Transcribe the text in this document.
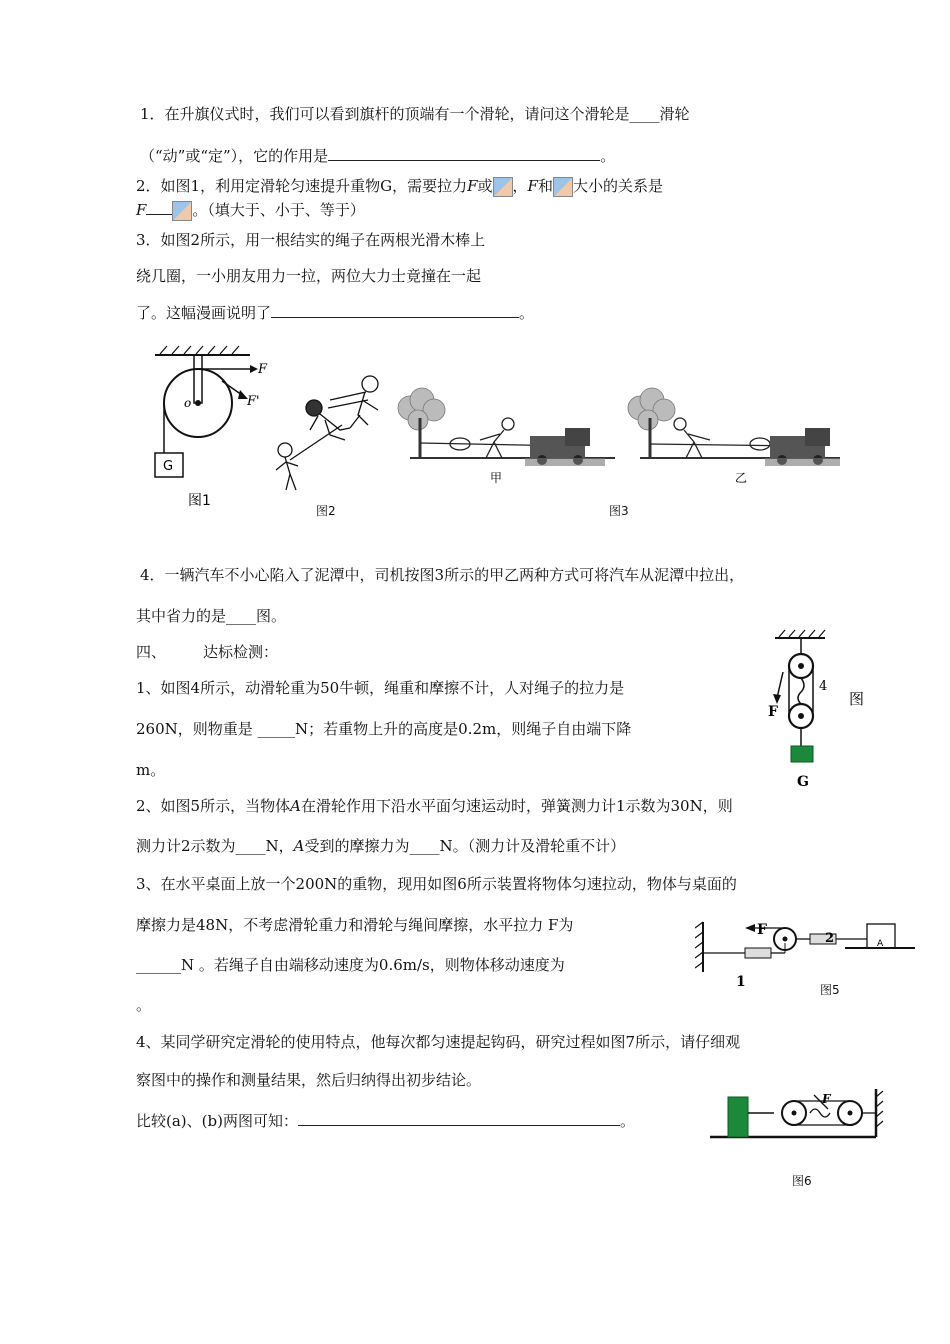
1．在升旗仪式时，我们可以看到旗杆的顶端有一个滑轮，请问这个滑轮是____滑轮
（“动”或“定”），它的作用是	。
2．如图1，利用定滑轮匀速提升重物G，需要拉力F或 ，F和 大小的关系是
F	。（填大于、小于、等于）
3．如图2所示，用一根结实的绳子在两根光滑木棒上
绕几圈，一小朋友用力一拉，两位大力士竟撞在一起
了。这幅漫画说明了	。
F
F'
o
G
图1
图2
甲	乙
图3
4．一辆汽车不小心陷入了泥潭中，司机按图3所示的甲乙两种方式可将汽车从泥潭中拉出，
其中省力的是____图。
四、 达标检测：
F
4
图
G
1、如图4所示，动滑轮重为50牛顿，绳重和摩擦不计，人对绳子的拉力是
260N，则物重是 _____N；若重物上升的高度是0.2m，则绳子自由端下降
m。
2、如图5所示，当物体A在滑轮作用下沿水平面匀速运动时，弹簧测力计1示数为30N，则
测力计2示数为____N，A受到的摩擦力为____N。（测力计及滑轮重不计）
3、在水平桌面上放一个200N的重物，现用如图6所示装置将物体匀速拉动，物体与桌面的
摩擦力是48N，不考虑滑轮重力和滑轮与绳间摩擦，水平拉力 F为
______N 。若绳子自由端移动速度为0.6m/s，则物体移动速度为
。
F
2
1
A
图5
4、某同学研究定滑轮的使用特点，他每次都匀速提起钩码，研究过程如图7所示，请仔细观
察图中的操作和测量结果，然后归纳得出初步结论。
比较(a)、(b)两图可知：	。
F
图6
